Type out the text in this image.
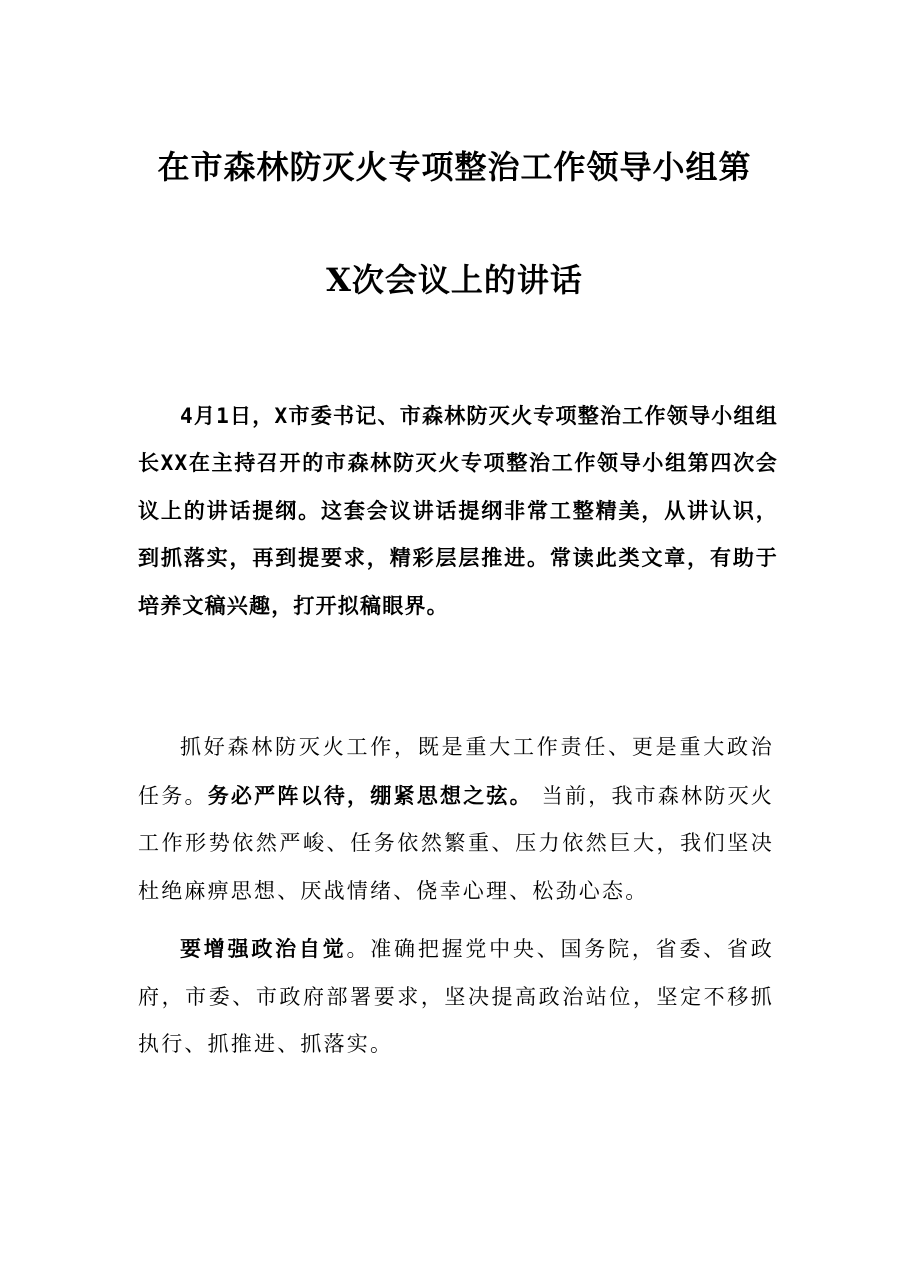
在市森林防灭火专项整治工作领导小组第
X次会议上的讲话

4月1日，X市委书记、市森林防灭火专项整治工作领导小组组长XX在主持召开的市森林防灭火专项整治工作领导小组第四次会议上的讲话提纲。这套会议讲话提纲非常工整精美，从讲认识，到抓落实，再到提要求，精彩层层推进。常读此类文章，有助于培养文稿兴趣，打开拟稿眼界。

抓好森林防灭火工作，既是重大工作责任、更是重大政治任务。务必严阵以待，绷紧思想之弦。 当前，我市森林防灭火工作形势依然严峻、任务依然繁重、压力依然巨大，我们坚决杜绝麻痹思想、厌战情绪、侥幸心理、松劲心态。

要增强政治自觉。准确把握党中央、国务院，省委、省政府，市委、市政府部署要求，坚决提高政治站位，坚定不移抓执行、抓推进、抓落实。
